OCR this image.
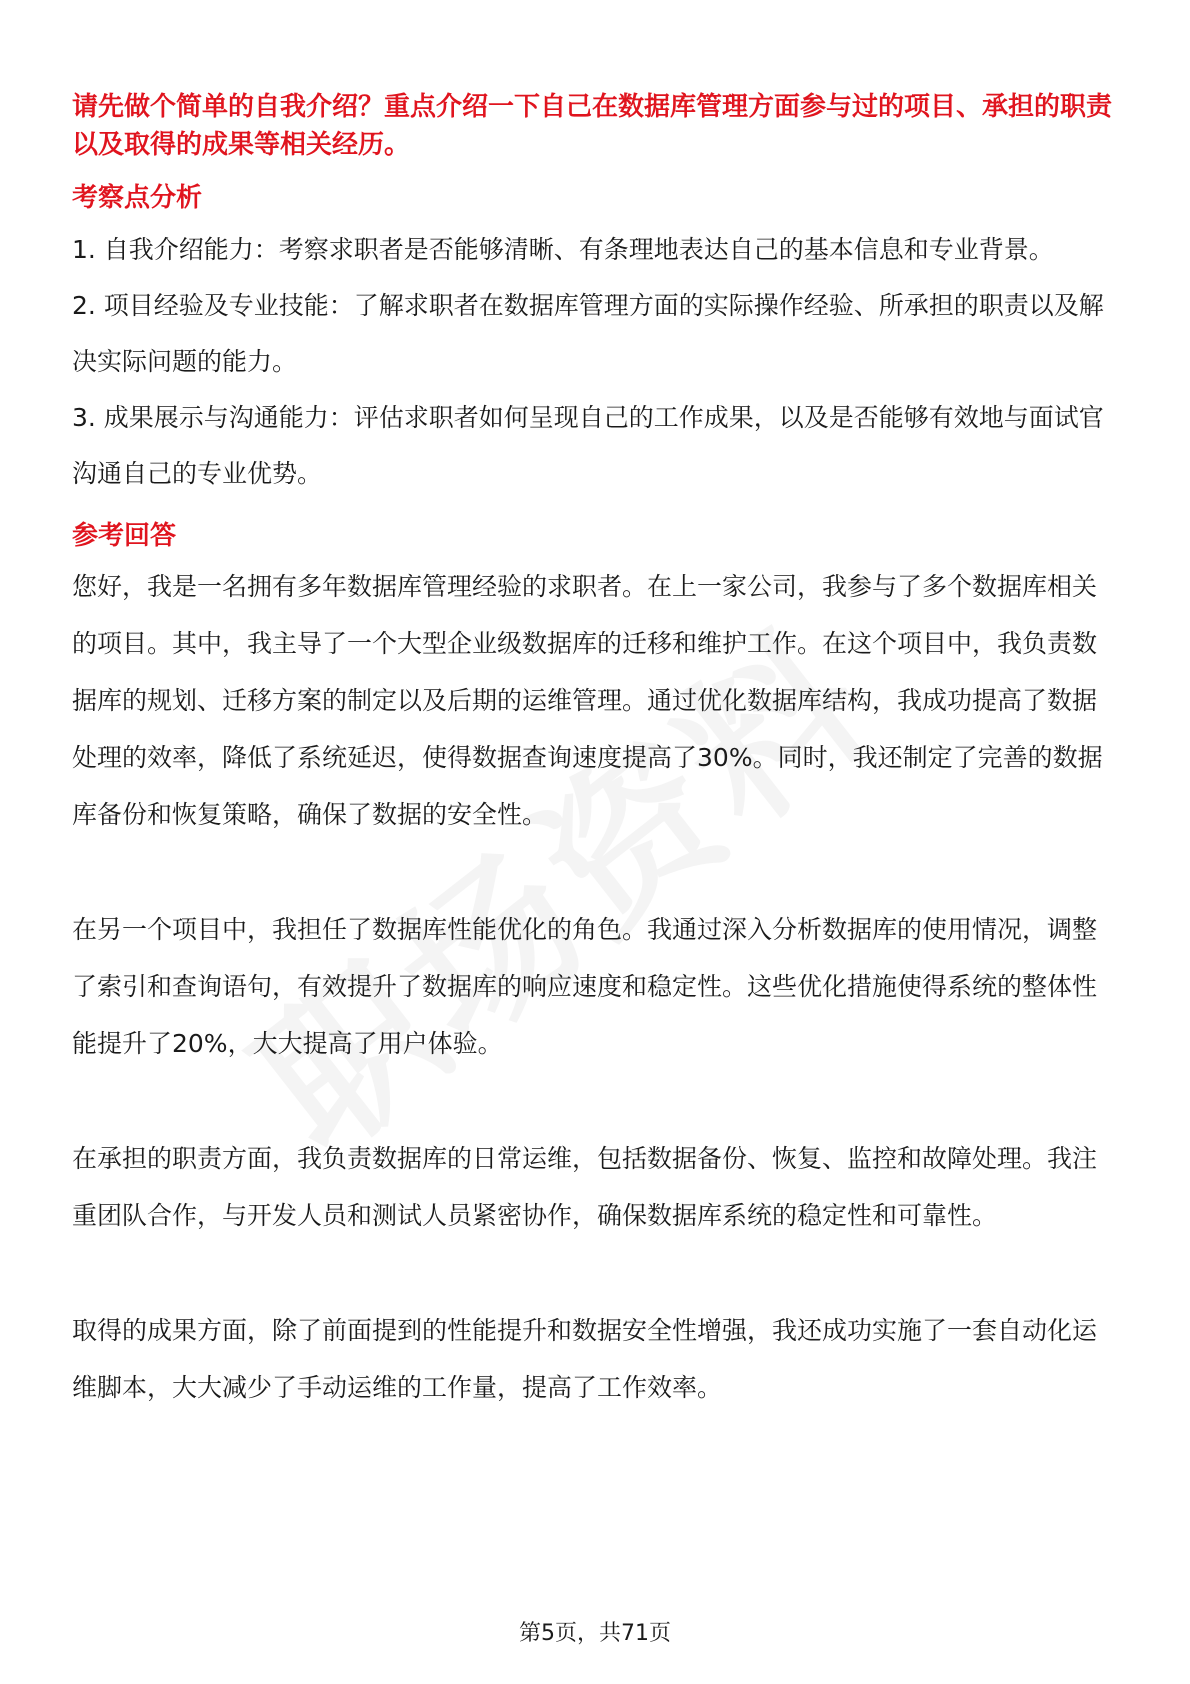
请先做个简单的自我介绍？重点介绍一下自己在数据库管理方面参与过的项目、承担的职责以及取得的成果等相关经历。

考察点分析

1. 自我介绍能力：考察求职者是否能够清晰、有条理地表达自己的基本信息和专业背景。

2. 项目经验及专业技能：了解求职者在数据库管理方面的实际操作经验、所承担的职责以及解决实际问题的能力。

3. 成果展示与沟通能力：评估求职者如何呈现自己的工作成果，以及是否能够有效地与面试官沟通自己的专业优势。

参考回答

您好，我是一名拥有多年数据库管理经验的求职者。在上一家公司，我参与了多个数据库相关的项目。其中，我主导了一个大型企业级数据库的迁移和维护工作。在这个项目中，我负责数据库的规划、迁移方案的制定以及后期的运维管理。通过优化数据库结构，我成功提高了数据处理的效率，降低了系统延迟，使得数据查询速度提高了30%。同时，我还制定了完善的数据库备份和恢复策略，确保了数据的安全性。

在另一个项目中，我担任了数据库性能优化的角色。我通过深入分析数据库的使用情况，调整了索引和查询语句，有效提升了数据库的响应速度和稳定性。这些优化措施使得系统的整体性能提升了20%，大大提高了用户体验。

在承担的职责方面，我负责数据库的日常运维，包括数据备份、恢复、监控和故障处理。我注重团队合作，与开发人员和测试人员紧密协作，确保数据库系统的稳定性和可靠性。

取得的成果方面，除了前面提到的性能提升和数据安全性增强，我还成功实施了一套自动化运维脚本，大大减少了手动运维的工作量，提高了工作效率。

第5页，共71页
